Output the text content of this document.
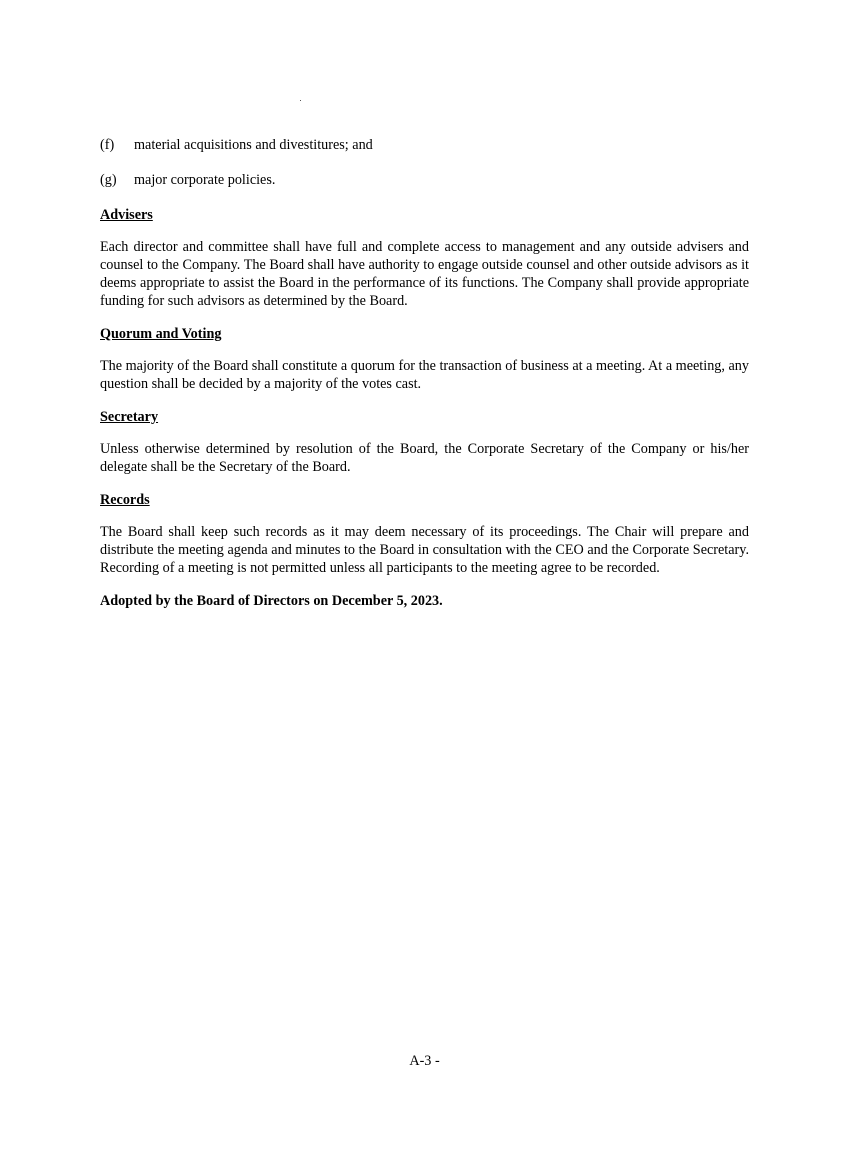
(f)	material acquisitions and divestitures; and
(g)	major corporate policies.
Advisers
Each director and committee shall have full and complete access to management and any outside advisers and counsel to the Company. The Board shall have authority to engage outside counsel and other outside advisors as it deems appropriate to assist the Board in the performance of its functions. The Company shall provide appropriate funding for such advisors as determined by the Board.
Quorum and Voting
The majority of the Board shall constitute a quorum for the transaction of business at a meeting. At a meeting, any question shall be decided by a majority of the votes cast.
Secretary
Unless otherwise determined by resolution of the Board, the Corporate Secretary of the Company or his/her delegate shall be the Secretary of the Board.
Records
The Board shall keep such records as it may deem necessary of its proceedings. The Chair will prepare and distribute the meeting agenda and minutes to the Board in consultation with the CEO and the Corporate Secretary. Recording of a meeting is not permitted unless all participants to the meeting agree to be recorded.
Adopted by the Board of Directors on December 5, 2023.
A-3 -
